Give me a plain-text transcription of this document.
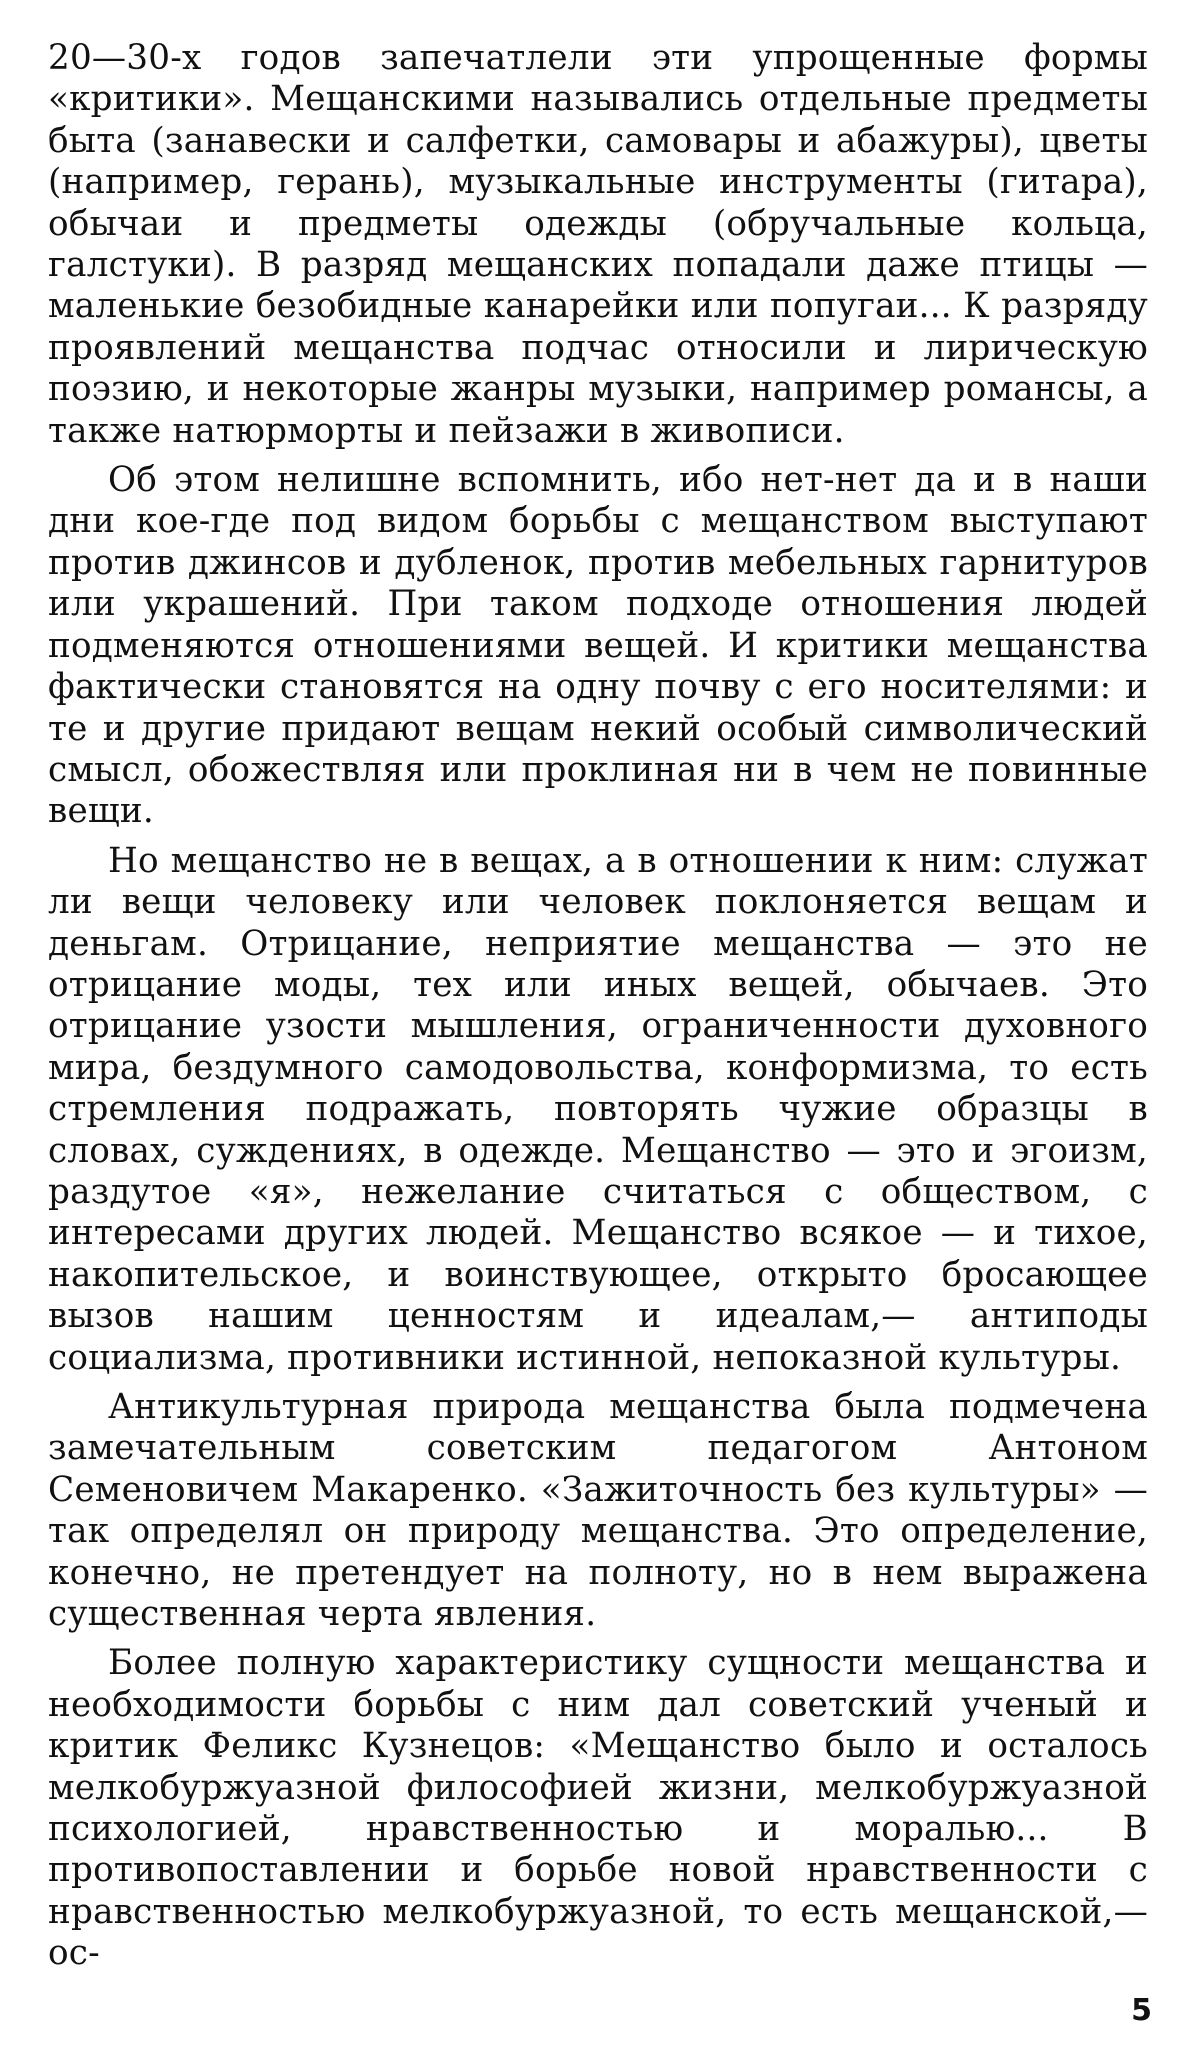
20—30-х годов запечатлели эти упрощенные формы «критики». Мещанскими назывались отдельные предметы быта (занавески и салфетки, самовары и абажуры), цветы (например, герань), музыкальные инструменты (гитара), обычаи и предметы одежды (обручальные кольца, галстуки). В разряд мещанских попадали даже птицы — маленькие безобидные канарейки или попугаи... К разряду проявлений мещанства подчас относили и лирическую поэзию, и некоторые жанры музыки, например романсы, а также натюрморты и пейзажи в живописи.

Об этом нелишне вспомнить, ибо нет-нет да и в наши дни кое-где под видом борьбы с мещанством выступают против джинсов и дубленок, против мебельных гарнитуров или украшений. При таком подходе отношения людей подменяются отношениями вещей. И критики мещанства фактически становятся на одну почву с его носителями: и те и другие придают вещам некий особый символический смысл, обожествляя или проклиная ни в чем не повинные вещи.

Но мещанство не в вещах, а в отношении к ним: служат ли вещи человеку или человек поклоняется вещам и деньгам. Отрицание, неприятие мещанства — это не отрицание моды, тех или иных вещей, обычаев. Это отрицание узости мышления, ограниченности духовного мира, бездумного самодовольства, конформизма, то есть стремления подражать, повторять чужие образцы в словах, суждениях, в одежде. Мещанство — это и эгоизм, раздутое «я», нежелание считаться с обществом, с интересами других людей. Мещанство всякое — и тихое, накопительское, и воинствующее, открыто бросающее вызов нашим ценностям и идеалам,— антиподы социализма, противники истинной, непоказной культуры.

Антикультурная природа мещанства была подмечена замечательным советским педагогом Антоном Семеновичем Макаренко. «Зажиточность без культуры» — так определял он природу мещанства. Это определение, конечно, не претендует на полноту, но в нем выражена существенная черта явления.

Более полную характеристику сущности мещанства и необходимости борьбы с ним дал советский ученый и критик Феликс Кузнецов: «Мещанство было и осталось мелкобуржуазной философией жизни, мелкобуржуазной психологией, нравственностью и моралью... В противопоставлении и борьбе новой нравственности с нравственностью мелкобуржуазной, то есть мещанской,— ос-

5
